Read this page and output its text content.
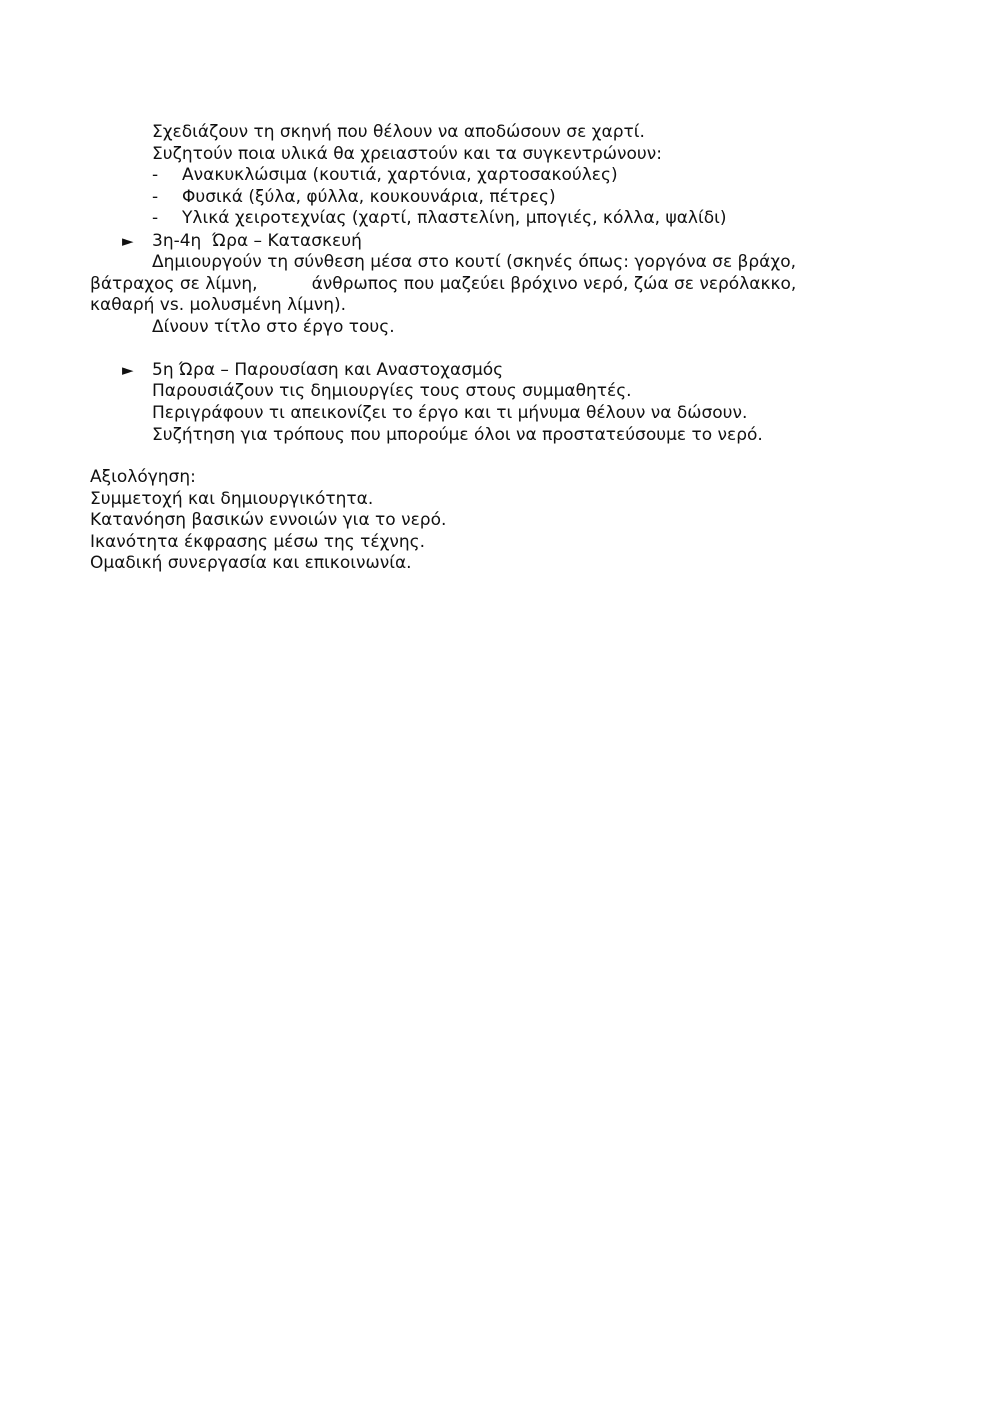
Σχεδιάζουν τη σκηνή που θέλουν να αποδώσουν σε χαρτί.
Συζητούν ποια υλικά θα χρειαστούν και τα συγκεντρώνουν:
- Ανακυκλώσιμα (κουτιά, χαρτόνια, χαρτοσακούλες)
- Φυσικά (ξύλα, φύλλα, κουκουνάρια, πέτρες)
- Υλικά χειροτεχνίας (χαρτί, πλαστελίνη, μπογιές, κόλλα, ψαλίδι)
► 3η-4η  Ώρα – Κατασκευή
Δημιουργούν τη σύνθεση μέσα στο κουτί (σκηνές όπως: γοργόνα σε βράχο,
βάτραχος σε λίμνη,          άνθρωπος που μαζεύει βρόχινο νερό, ζώα σε νερόλακκο,
καθαρή vs. μολυσμένη λίμνη).
Δίνουν τίτλο στο έργο τους.
► 5η Ώρα – Παρουσίαση και Αναστοχασμός
Παρουσιάζουν τις δημιουργίες τους στους συμμαθητές.
Περιγράφουν τι απεικονίζει το έργο και τι μήνυμα θέλουν να δώσουν.
Συζήτηση για τρόπους που μπορούμε όλοι να προστατεύσουμε το νερό.
Αξιολόγηση:
Συμμετοχή και δημιουργικότητα.
Κατανόηση βασικών εννοιών για το νερό.
Ικανότητα έκφρασης μέσω της τέχνης.
Ομαδική συνεργασία και επικοινωνία.
